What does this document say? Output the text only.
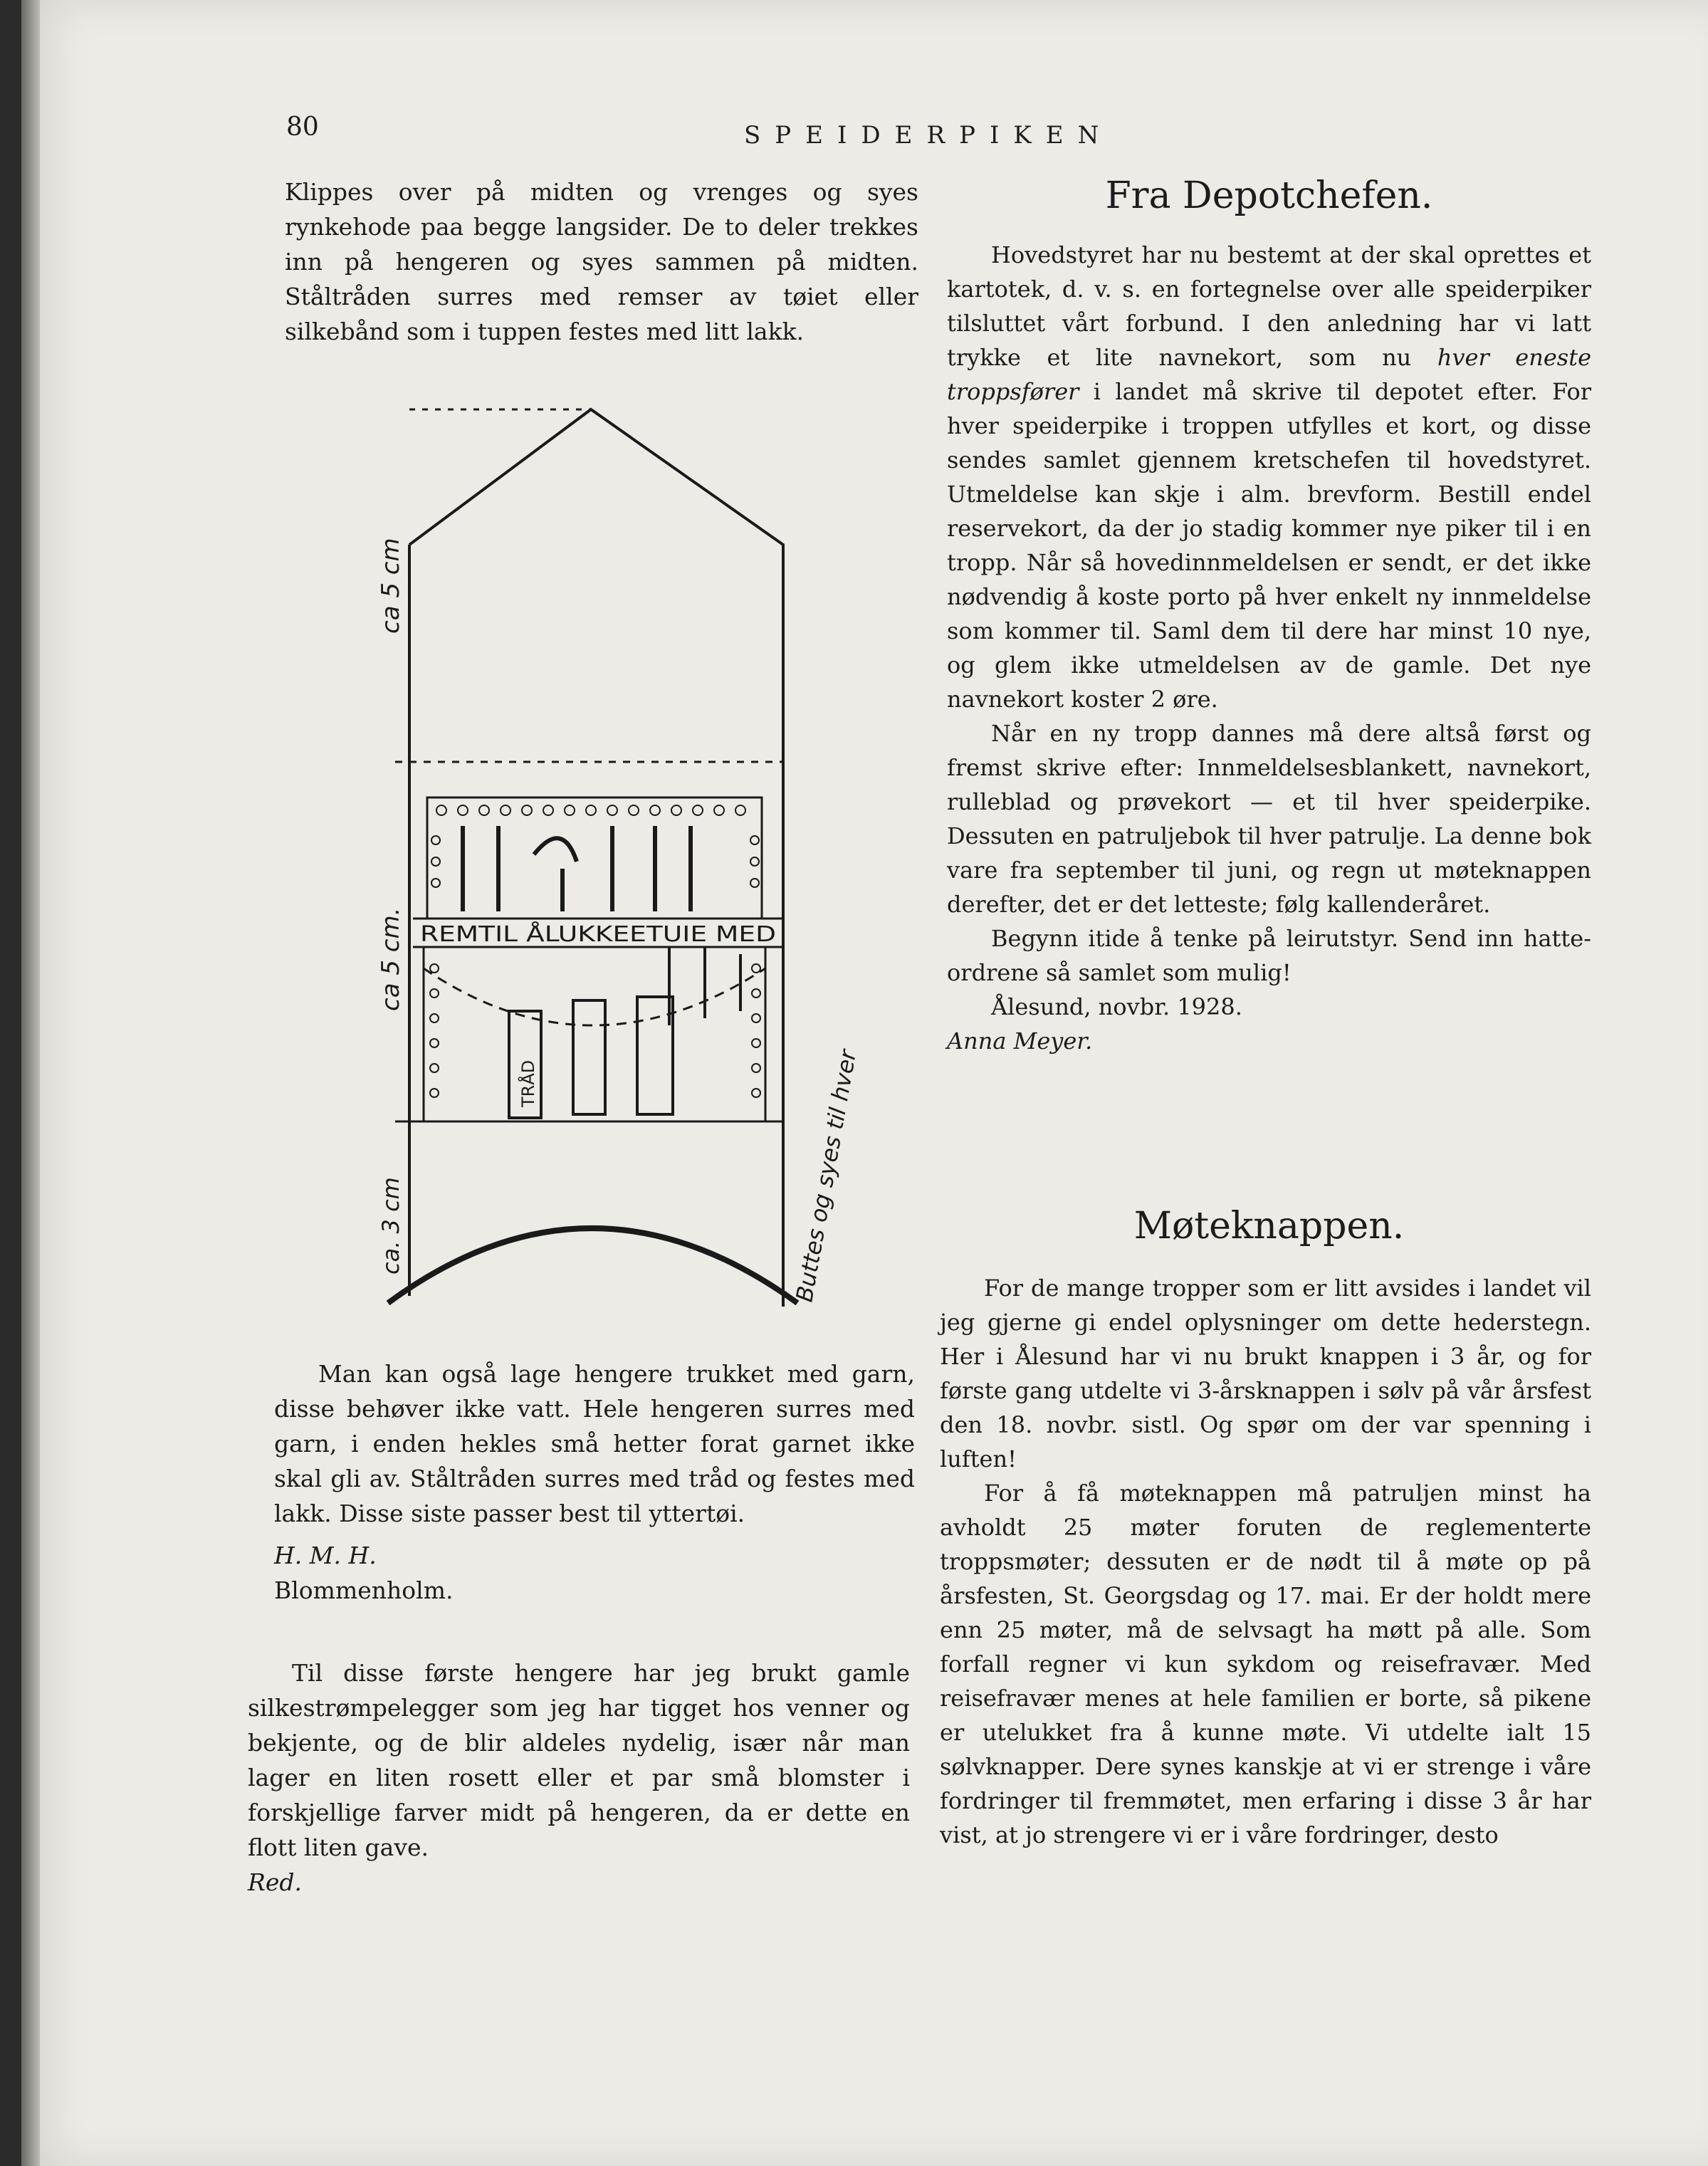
80	SPEIDERPIKEN

Klippes over på midten og vrenges og syes rynkehode paa begge langsider. De to deler trekkes inn på hengeren og syes sammen på midten. Ståltråden surres med remser av tøiet eller silkebånd som i tuppen festes med litt lakk.

REMTIL ÅLUKKEETUIE MED
TRÅD
ca 5 cm
ca 5 cm.
ca. 3 cm	Buttes og syes til hver

Man kan også lage hengere trukket med garn, disse behøver ikke vatt. Hele hengeren surres med garn, i enden hekles små hetter forat garnet ikke skal gli av. Ståltråden surres med tråd og festes med lakk. Disse siste passer best til yttertøi.

H. M. H.

Blommenholm.

Til disse første hengere har jeg brukt gamle silkestrømpelegger som jeg har tigget hos venner og bekjente, og de blir aldeles nydelig, især når man lager en liten rosett eller et par små blomster i forskjellige farver midt på hengeren, da er dette en flott liten gave.

Red.

Fra Depotchefen.

Hovedstyret har nu bestemt at der skal oprettes et kartotek, d. v. s. en fortegnelse over alle speiderpiker tilsluttet vårt forbund. I den anledning har vi latt trykke et lite navnekort, som nu hver eneste troppsfører i landet må skrive til depotet efter. For hver speiderpike i troppen utfylles et kort, og disse sendes samlet gjennem kretschefen til hovedstyret. Utmeldelse kan skje i alm. brevform. Bestill endel reservekort, da der jo stadig kommer nye piker til i en tropp. Når så hovedinnmeldelsen er sendt, er det ikke nødvendig å koste porto på hver enkelt ny innmeldelse som kommer til. Saml dem til dere har minst 10 nye, og glem ikke utmeldelsen av de gamle. Det nye navnekort koster 2 øre.

Når en ny tropp dannes må dere altså først og fremst skrive efter: Innmeldelsesblankett, navnekort, rulleblad og prøvekort — et til hver speiderpike. Dessuten en patruljebok til hver patrulje. La denne bok vare fra september til juni, og regn ut møteknappen derefter, det er det letteste; følg kallenderåret.

Begynn itide å tenke på leirutstyr. Send inn hatte-ordrene så samlet som mulig!

Ålesund, novbr. 1928.

Anna Meyer.

Møteknappen.

For de mange tropper som er litt avsides i landet vil jeg gjerne gi endel oplysninger om dette hederstegn. Her i Ålesund har vi nu brukt knappen i 3 år, og for første gang utdelte vi 3-årsknappen i sølv på vår årsfest den 18. novbr. sistl. Og spør om der var spenning i luften!

For å få møteknappen må patruljen minst ha avholdt 25 møter foruten de reglementerte troppsmøter; dessuten er de nødt til å møte op på årsfesten, St. Georgsdag og 17. mai. Er der holdt mere enn 25 møter, må de selvsagt ha møtt på alle. Som forfall regner vi kun sykdom og reisefravær. Med reisefravær menes at hele familien er borte, så pikene er utelukket fra å kunne møte. Vi utdelte ialt 15 sølvknapper. Dere synes kanskje at vi er strenge i våre fordringer til fremmøtet, men erfaring i disse 3 år har vist, at jo strengere vi er i våre fordringer, desto
